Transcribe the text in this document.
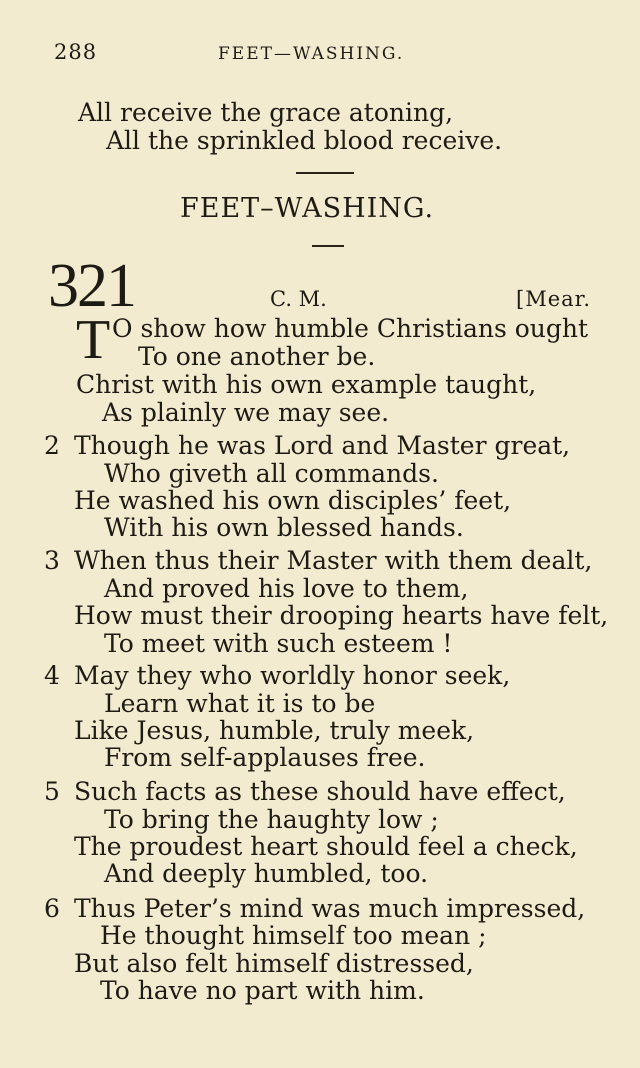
288	FEET—WASHING.
All receive the grace atoning,
All the sprinkled blood receive.
FEET–WASHING.
321	C. M.	[Mear.
T O show how humble Christians ought
To one another be.
Christ with his own example taught,
As plainly we may see.
2 Though he was Lord and Master great,
Who giveth all commands.
He washed his own disciples’ feet,
With his own blessed hands.
3 When thus their Master with them dealt,
And proved his love to them,
How must their drooping hearts have felt,
To meet with such esteem !
4 May they who worldly honor seek,
Learn what it is to be
Like Jesus, humble, truly meek,
From self-applauses free.
5 Such facts as these should have effect,
To bring the haughty low ;
The proudest heart should feel a check,
And deeply humbled, too.
6 Thus Peter’s mind was much impressed,
He thought himself too mean ;
But also felt himself distressed,
To have no part with him.
